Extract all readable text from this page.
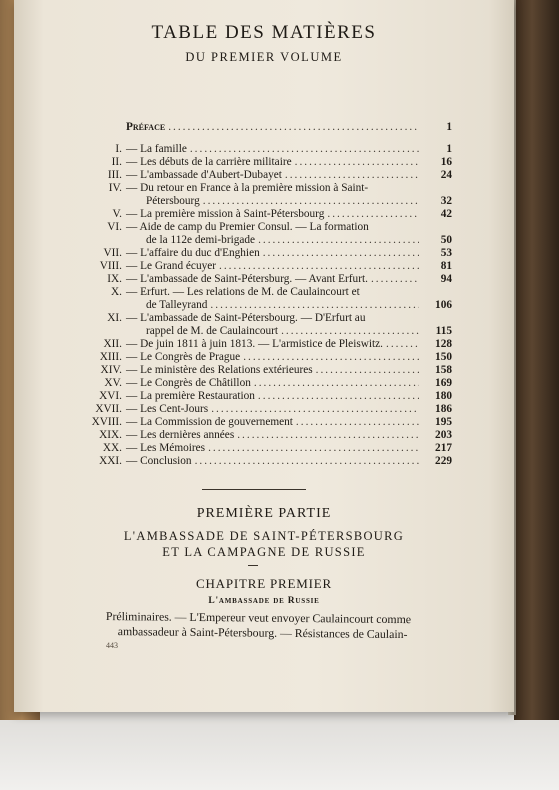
TABLE DES MATIÈRES
DU PREMIER VOLUME
Préface .....	1
I. — La famille .....	1
II. — Les débuts de la carrière militaire .....	16
III. — L'ambassade d'Aubert-Dubayet .....	24
IV. — Du retour en France à la première mission à Saint-
Pétersbourg .....	32
V. — La première mission à Saint-Pétersbourg .....	42
VI. — Aide de camp du Premier Consul. — La formation
de la 112e demi-brigade .....	50
VII. — L'affaire du duc d'Enghien .....	53
VIII. — Le Grand écuyer .....	81
IX. — L'ambassade de Saint-Pétersburg. — Avant Erfurt. .....	94
X. — Erfurt. — Les relations de M. de Caulaincourt et
de Talleyrand .....	106
XI. — L'ambassade de Saint-Pétersbourg. — D'Erfurt au
rappel de M. de Caulaincourt .....	115
XII. — De juin 1811 à juin 1813. — L'armistice de Pleiswitz. .....	128
XIII. — Le Congrès de Prague .....	150
XIV. — Le ministère des Relations extérieures .....	158
XV. — Le Congrès de Châtillon .....	169
XVI. — La première Restauration .....	180
XVII. — Les Cent-Jours .....	186
XVIII. — La Commission de gouvernement .....	195
XIX. — Les dernières années .....	203
XX. — Les Mémoires .....	217
XXI. — Conclusion .....	229
PREMIÈRE PARTIE
L'AMBASSADE DE SAINT-PÉTERSBOURG
ET LA CAMPAGNE DE RUSSIE
CHAPITRE PREMIER
L'ambassade de Russie
Préliminaires. — L'Empereur veut envoyer Caulaincourt comme
ambassadeur à Saint-Pétersbourg. — Résistances de Caulain-
443
